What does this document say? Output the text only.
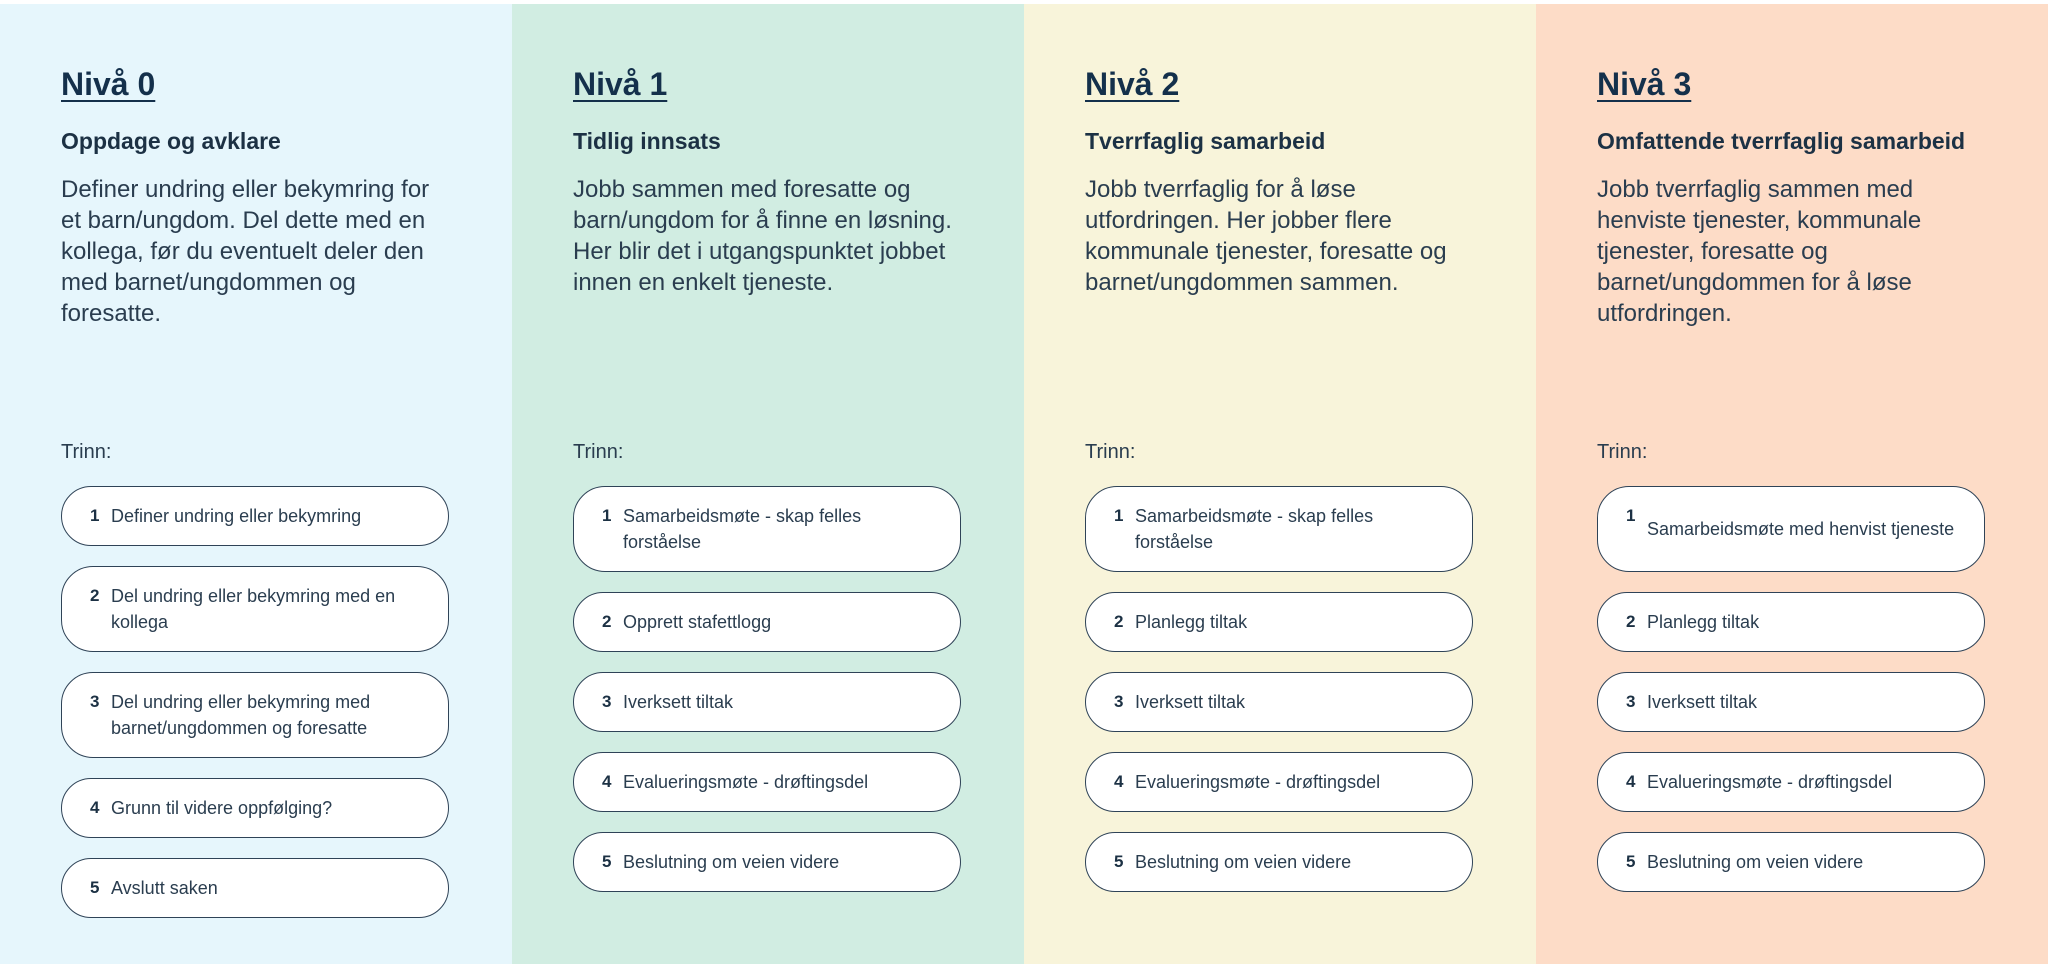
Nivå 0
Oppdage og avklare

Definer undring eller bekymring for et barn/ungdom. Del dette med en kollega, før du eventuelt deler den med barnet/ungdommen og foresatte.

Trinn:
1 Definer undring eller bekymring
2 Del undring eller bekymring med en kollega
3 Del undring eller bekymring med barnet/ungdommen og foresatte
4 Grunn til videre oppfølging?
5 Avslutt saken
Nivå 1
Tidlig innsats

Jobb sammen med foresatte og barn/ungdom for å finne en løsning. Her blir det i utgangspunktet jobbet innen en enkelt tjeneste.

Trinn:
1 Samarbeidsmøte - skap felles forståelse
2 Opprett stafettlogg
3 Iverksett tiltak
4 Evalueringsmøte - drøftingsdel
5 Beslutning om veien videre
Nivå 2
Tverrfaglig samarbeid

Jobb tverrfaglig for å løse utfordringen. Her jobber flere kommunale tjenester, foresatte og barnet/ungdommen sammen.

Trinn:
1 Samarbeidsmøte - skap felles forståelse
2 Planlegg tiltak
3 Iverksett tiltak
4 Evalueringsmøte - drøftingsdel
5 Beslutning om veien videre
Nivå 3
Omfattende tverrfaglig samarbeid

Jobb tverrfaglig sammen med henviste tjenester, kommunale tjenester, foresatte og barnet/ungdommen for å løse utfordringen.

Trinn:
1
Samarbeidsmøte med henvist tjeneste
2 Planlegg tiltak
3 Iverksett tiltak
4 Evalueringsmøte - drøftingsdel
5 Beslutning om veien videre
